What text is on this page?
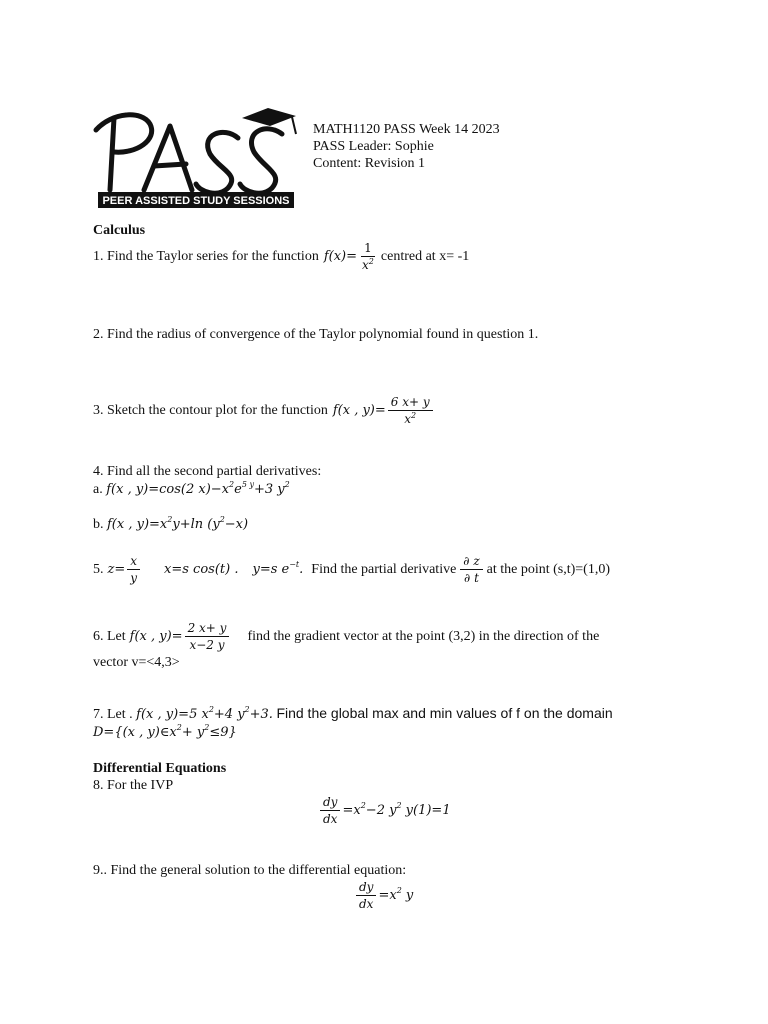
PEER ASSISTED STUDY SESSIONS
MATH1120 PASS Week 14 2023
PASS Leader: Sophie
Content: Revision 1
Calculus
1. Find the Taylor series for the function $f(x)= \frac{1}{x^2}$ centred at x= -1
2. Find the radius of convergence of the Taylor polynomial found in question 1.
3. Sketch the contour plot for the function f(x , $y)= \frac{6 x+ y}{x^2}$
4. Find all the second partial derivatives:
a. f(x , y)=cos(2 $x)-x^2e^{5 y}+3$ $y^2$
b. f(x , $y)=x^2y+\ln$ $(y^2-x)$
5. $z= \frac{x}{y} x=s$ cos(t) . y=s $e^{-t}$. Find the partial derivative $\frac{\partial z}{\partial t}$ at the point (s,t)=(1,0)
6. Let f(x , $y)= \frac{2 x+ y}{x-2 y}$ find the gradient vector at the point (3,2) in the direction of the
vector v=<4,3>
7. Let . f(x , y)=5 $x^2+4$ $y^2+3$. Find the global max and min values of f on the domain
D={(x , $y)\in x^2+ y^2\le 9$}
Differential Equations
8. For the IVP
$\frac{dy}{dx} =x^2-2$ $y^2$ y(1)=1
9.. Find the general solution to the differential equation:
$\frac{dy}{dx} =x^2$ y
